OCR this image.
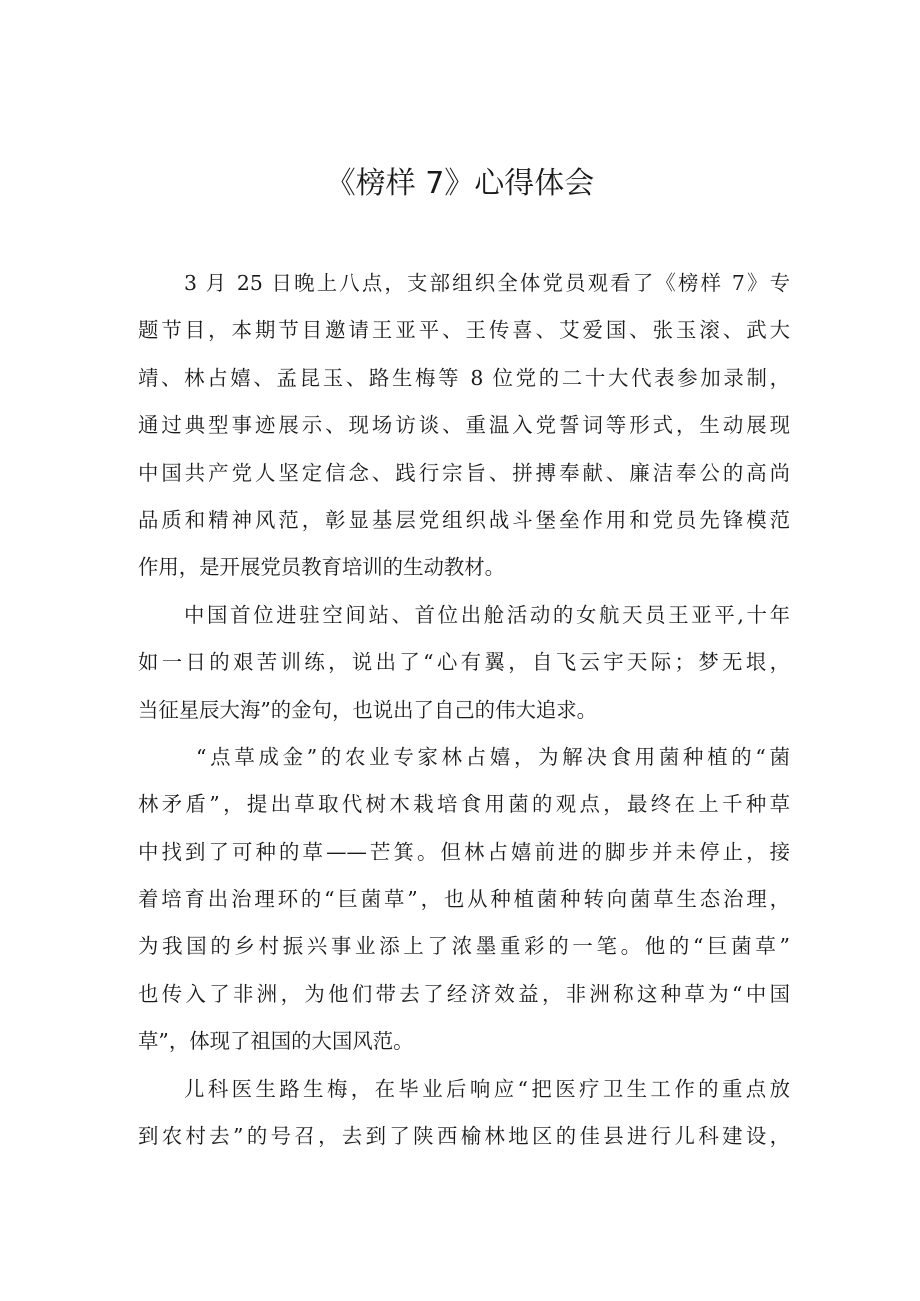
《榜样 7》心得体会
3 月 25 日晚上八点，支部组织全体党员观看了《榜样 7》专
题节目，本期节目邀请王亚平、王传喜、艾爱国、张玉滚、武大
靖、林占嬉、孟昆玉、路生梅等 8 位党的二十大代表参加录制，
通过典型事迹展示、现场访谈、重温入党誓词等形式，生动展现
中国共产党人坚定信念、践行宗旨、拼搏奉献、廉洁奉公的高尚
品质和精神风范，彰显基层党组织战斗堡垒作用和党员先锋模范
作用，是开展党员教育培训的生动教材。
中国首位进驻空间站、首位出舱活动的女航天员王亚平,十年
如一日的艰苦训练，说出了“心有翼，自飞云宇天际；梦无垠，
当征星辰大海”的金句，也说出了自己的伟大追求。
“点草成金”的农业专家林占嬉，为解决食用菌种植的“菌
林矛盾”，提出草取代树木栽培食用菌的观点，最终在上千种草
中找到了可种的草——芒箕。但林占嬉前进的脚步并未停止，接
着培育出治理环的“巨菌草”，也从种植菌种转向菌草生态治理，
为我国的乡村振兴事业添上了浓墨重彩的一笔。他的“巨菌草”
也传入了非洲，为他们带去了经济效益，非洲称这种草为“中国
草”，体现了祖国的大国风范。
儿科医生路生梅，在毕业后响应“把医疗卫生工作的重点放
到农村去”的号召，去到了陕西榆林地区的佳县进行儿科建设，
